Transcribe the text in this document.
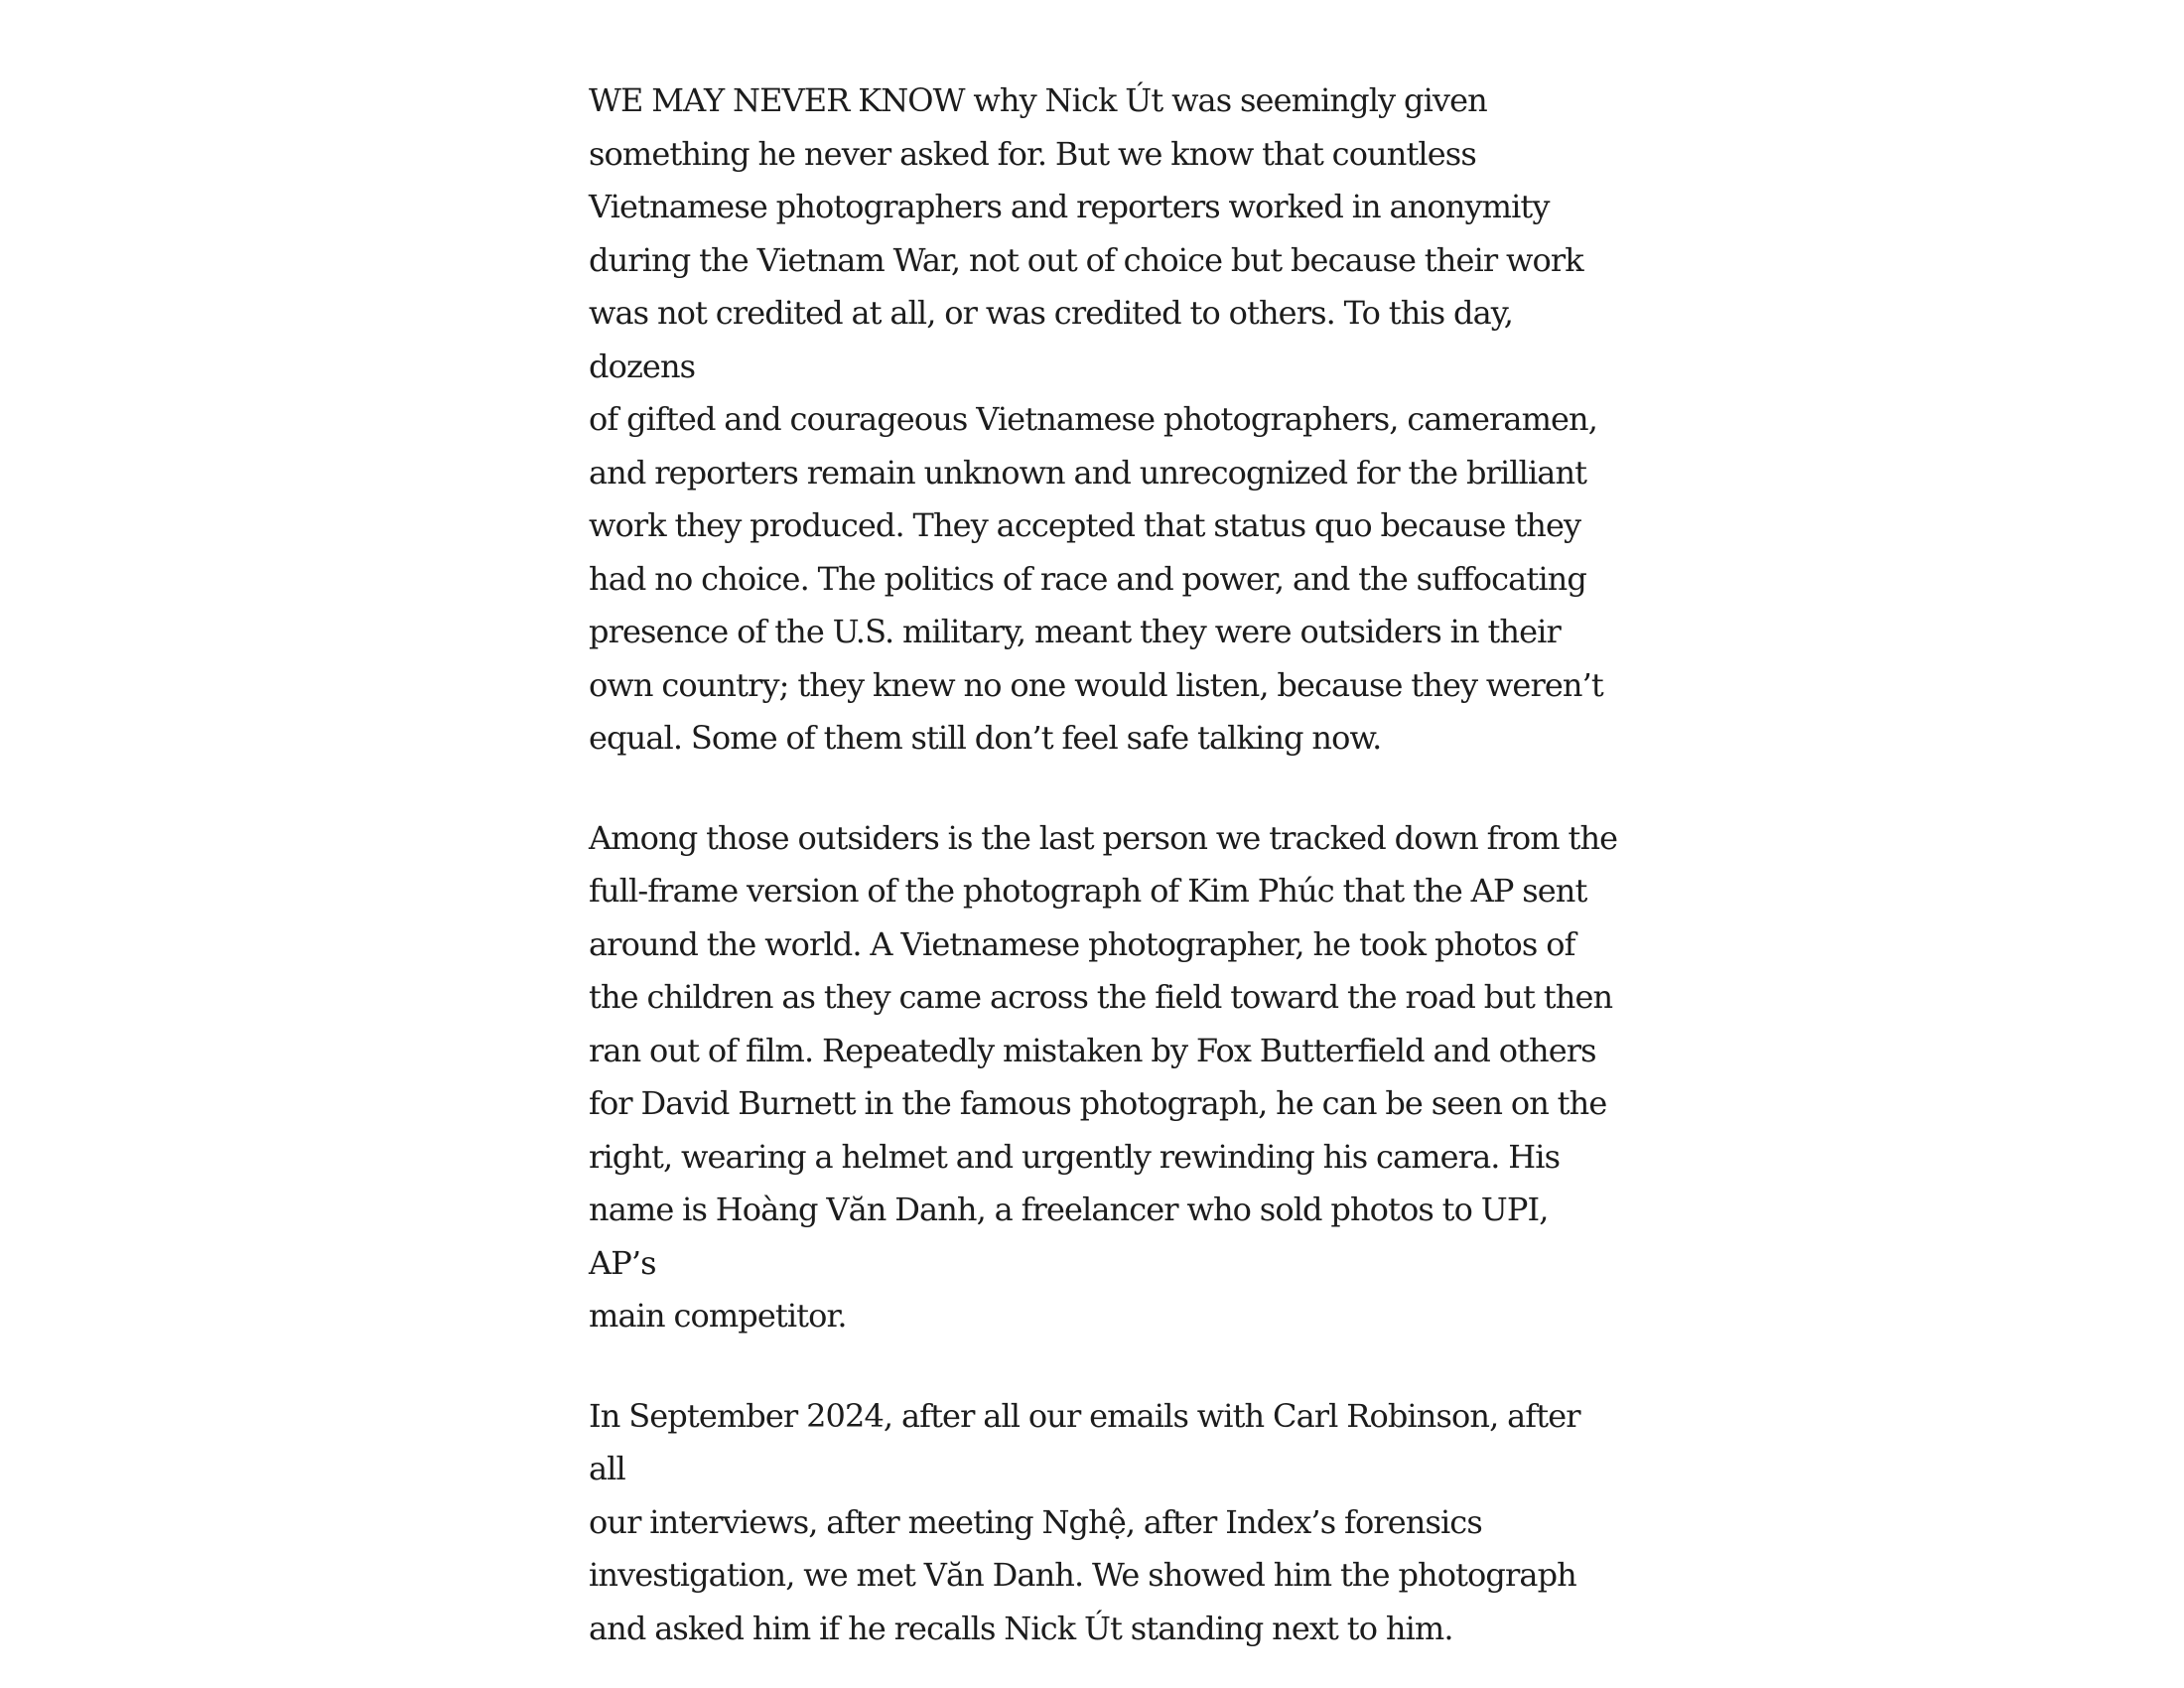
WE MAY NEVER KNOW why Nick Út was seemingly given
something he never asked for. But we know that countless
Vietnamese photographers and reporters worked in anonymity
during the Vietnam War, not out of choice but because their work
was not credited at all, or was credited to others. To this day, dozens
of gifted and courageous Vietnamese photographers, cameramen,
and reporters remain unknown and unrecognized for the brilliant
work they produced. They accepted that status quo because they
had no choice. The politics of race and power, and the suffocating
presence of the U.S. military, meant they were outsiders in their
own country; they knew no one would listen, because they weren’t
equal. Some of them still don’t feel safe talking now.

Among those outsiders is the last person we tracked down from the
full-frame version of the photograph of Kim Phúc that the AP sent
around the world. A Vietnamese photographer, he took photos of
the children as they came across the field toward the road but then
ran out of film. Repeatedly mistaken by Fox Butterfield and others
for David Burnett in the famous photograph, he can be seen on the
right, wearing a helmet and urgently rewinding his camera. His
name is Hoàng Văn Danh, a freelancer who sold photos to UPI, AP’s
main competitor.

In September 2024, after all our emails with Carl Robinson, after all
our interviews, after meeting Nghệ, after Index’s forensics
investigation, we met Văn Danh. We showed him the photograph
and asked him if he recalls Nick Út standing next to him.
